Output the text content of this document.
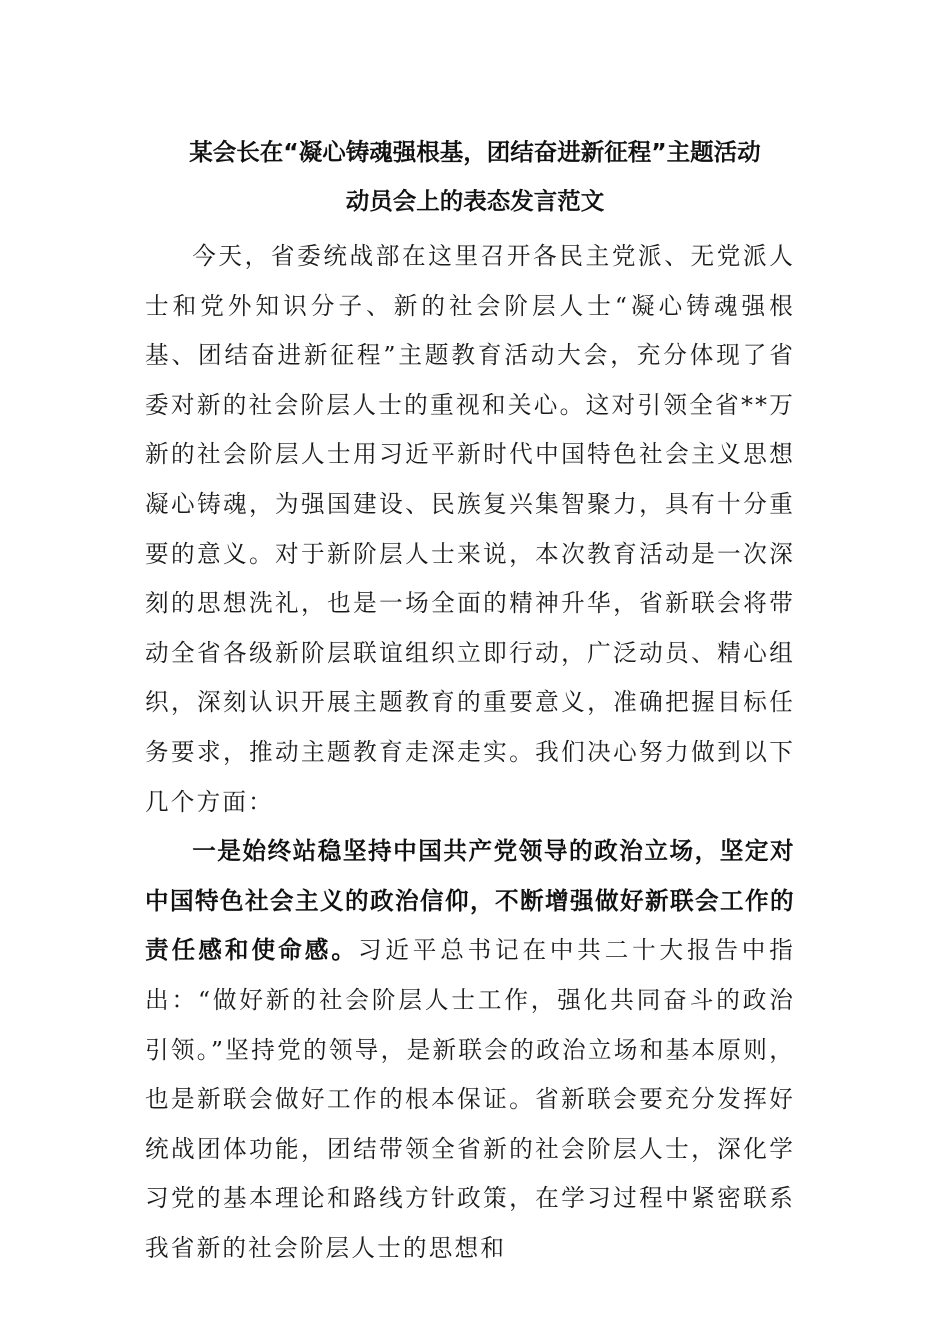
某会长在“凝心铸魂强根基，团结奋进新征程”主题活动
动员会上的表态发言范文

今天，省委统战部在这里召开各民主党派、无党派人士和党外知识分子、新的社会阶层人士“凝心铸魂强根基、团结奋进新征程”主题教育活动大会，充分体现了省委对新的社会阶层人士的重视和关心。这对引领全省**万新的社会阶层人士用习近平新时代中国特色社会主义思想凝心铸魂，为强国建设、民族复兴集智聚力，具有十分重要的意义。对于新阶层人士来说，本次教育活动是一次深刻的思想洗礼，也是一场全面的精神升华，省新联会将带动全省各级新阶层联谊组织立即行动，广泛动员、精心组织，深刻认识开展主题教育的重要意义，准确把握目标任务要求，推动主题教育走深走实。我们决心努力做到以下几个方面：

一是始终站稳坚持中国共产党领导的政治立场，坚定对中国特色社会主义的政治信仰，不断增强做好新联会工作的责任感和使命感。习近平总书记在中共二十大报告中指出：“做好新的社会阶层人士工作，强化共同奋斗的政治引领。”坚持党的领导，是新联会的政治立场和基本原则，也是新联会做好工作的根本保证。省新联会要充分发挥好统战团体功能，团结带领全省新的社会阶层人士，深化学习党的基本理论和路线方针政策，在学习过程中紧密联系我省新的社会阶层人士的思想和
